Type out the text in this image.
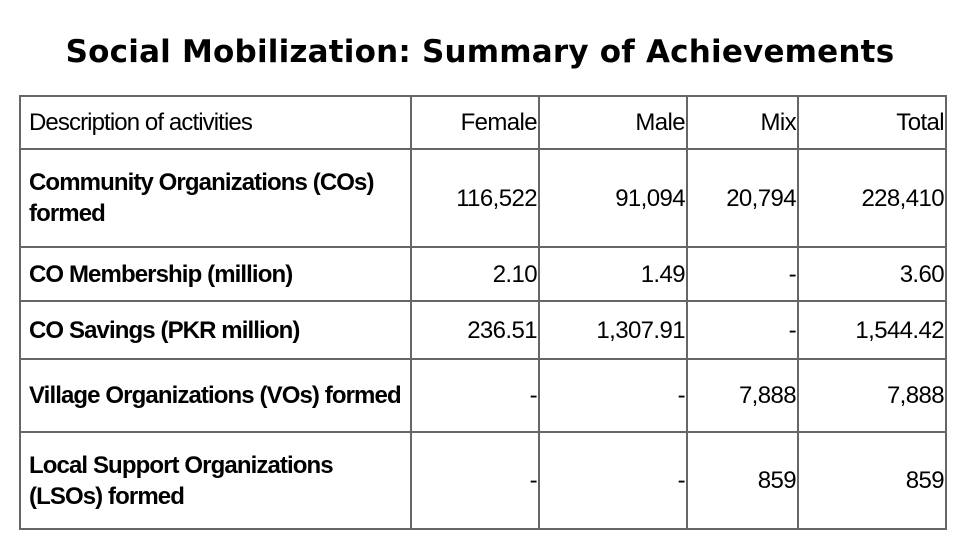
Social Mobilization: Summary of Achievements
Description of activities	Female	Male	Mix	Total

Community Organizations (COs) formed	116,522	91,094	20,794	228,410

CO Membership (million)	2.10	1.49	-	3.60

CO Savings (PKR million)	236.51	1,307.91	-	1,544.42

Village Organizations (VOs) formed	-	-	7,888	7,888

Local Support Organizations (LSOs) formed	-	-	859	859
